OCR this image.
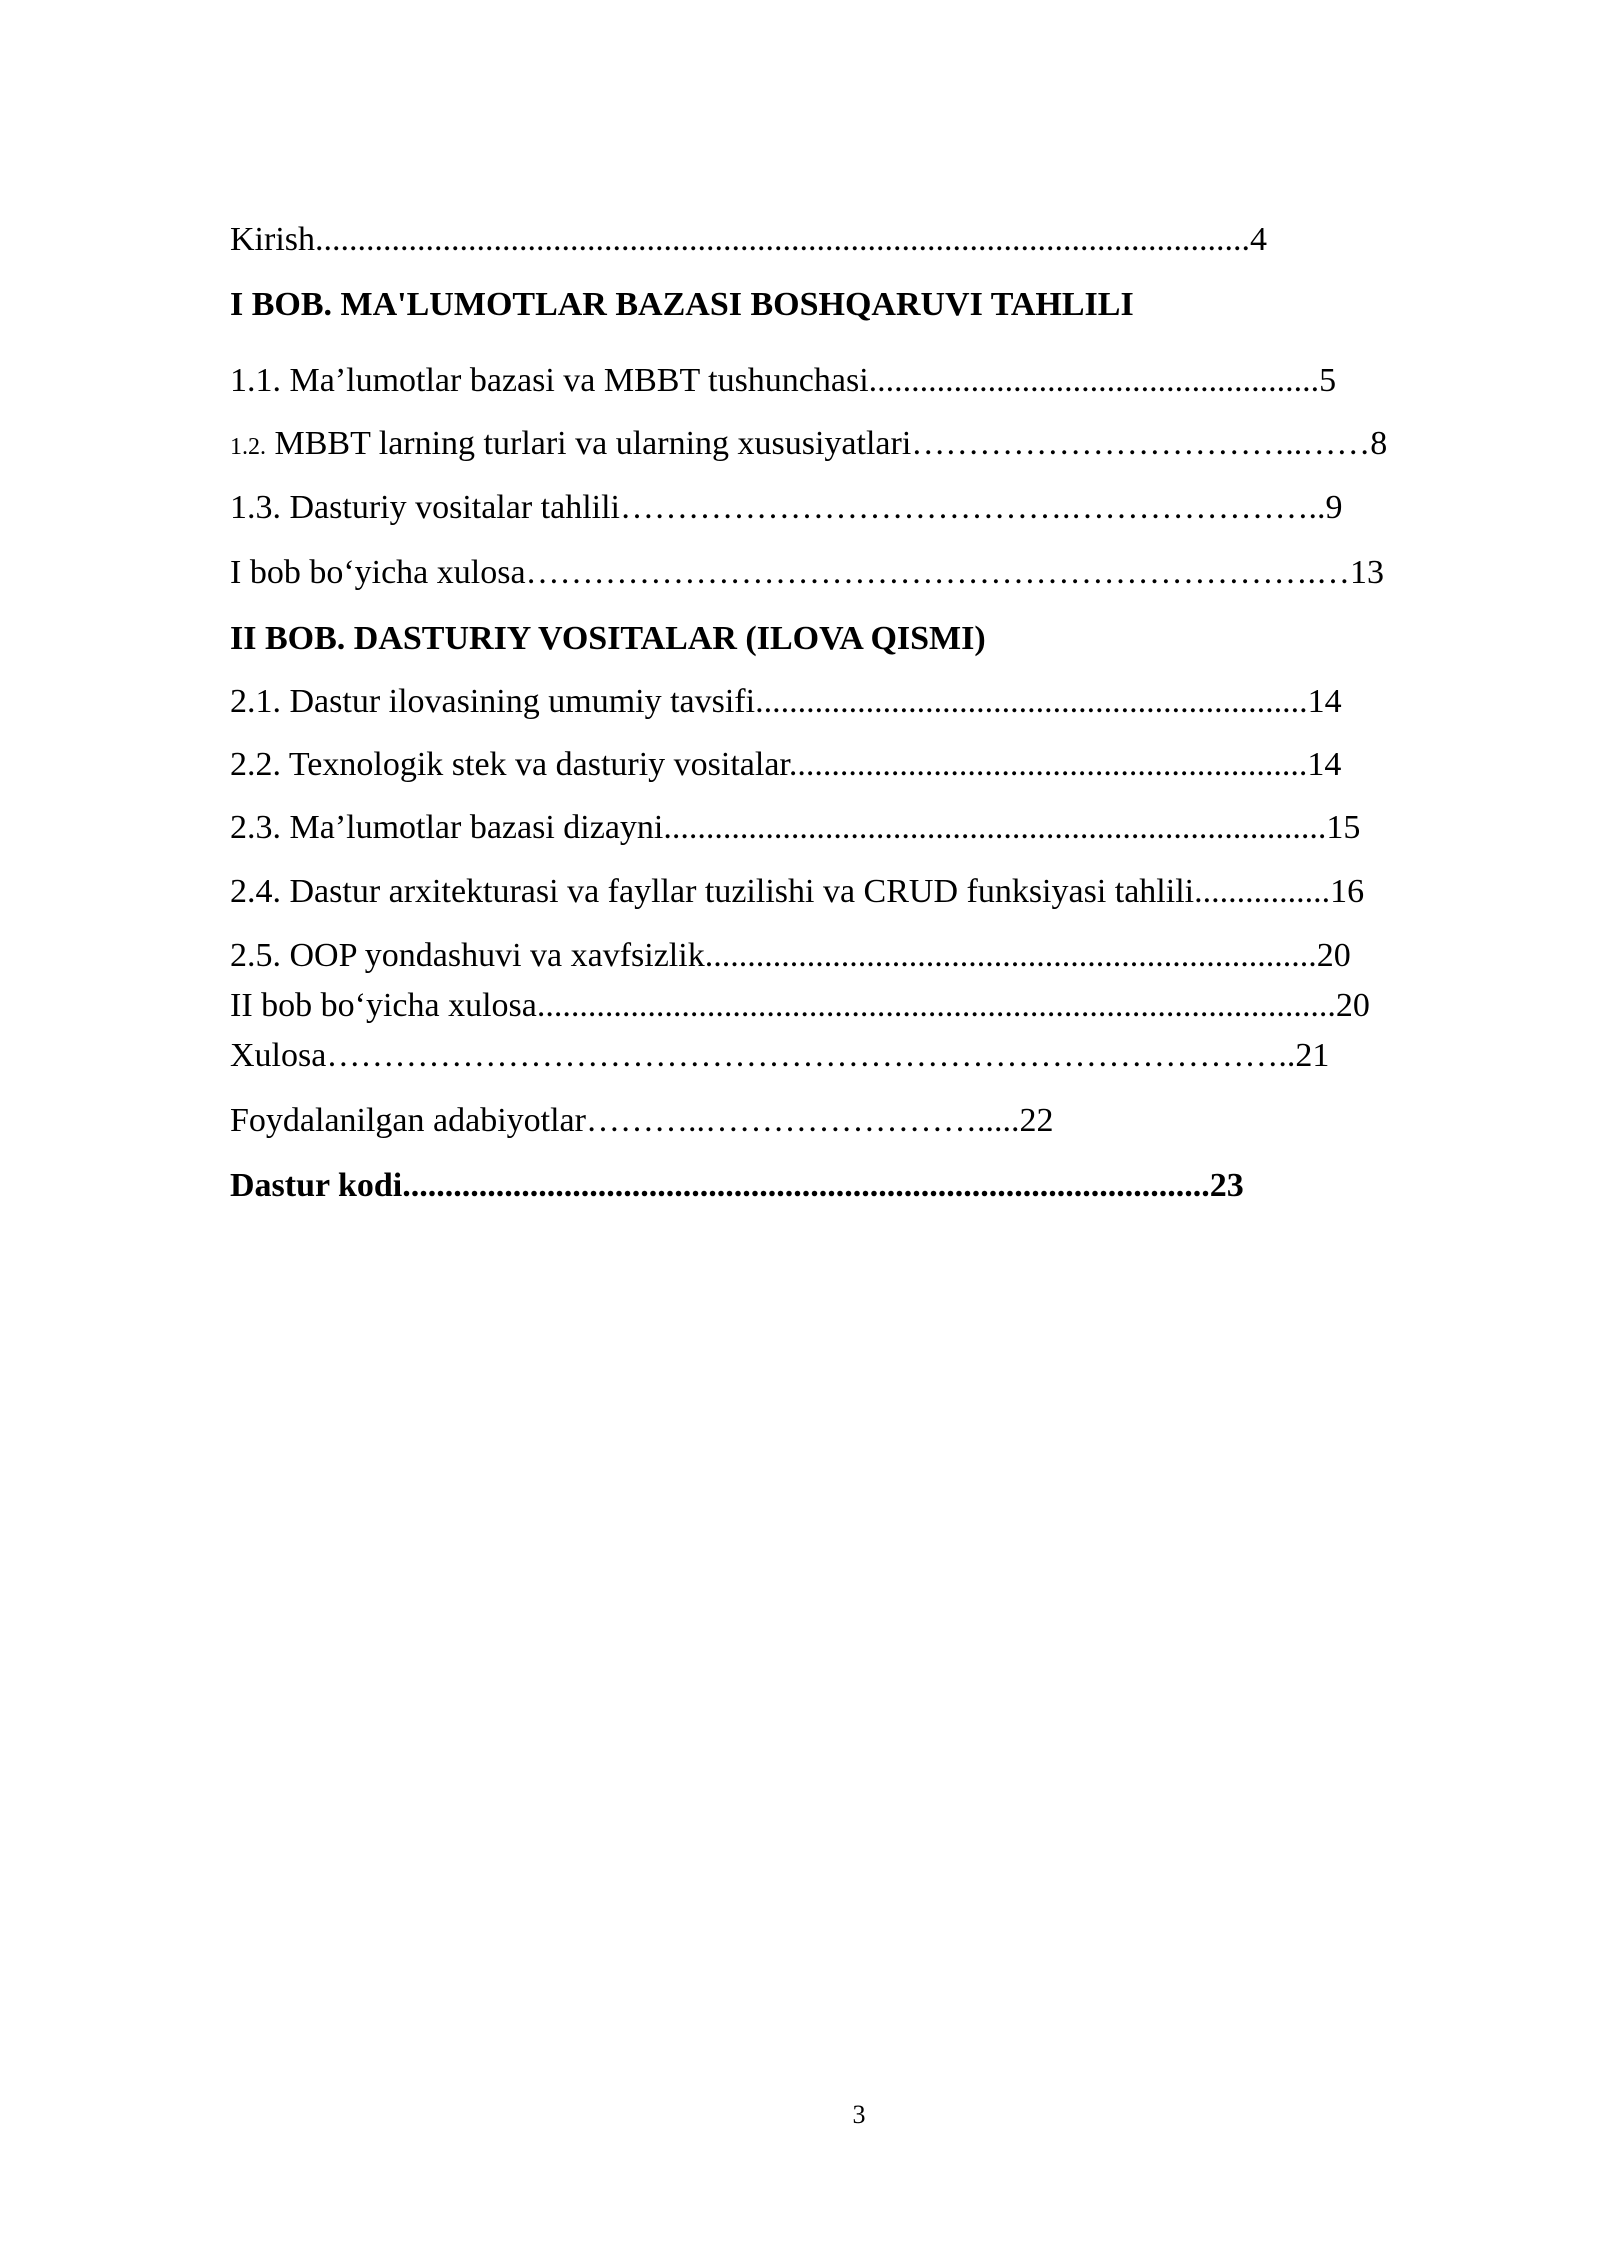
Kirish..............................................................................................................4
I BOB. MA'LUMOTLAR BAZASI BOSHQARUVI TAHLILI
1.1. Ma’lumotlar bazasi va MBBT tushunchasi.....................................................5
1.2. MBBT larning turlari va ularning xususiyatlari……………………………..……8
1.3. Dasturiy vositalar tahlili………………………………….…………………..9
I bob bo‘yicha xulosa…………………………………………………………….…13
II BOB. DASTURIY VOSITALAR (ILOVA QISMI)
2.1. Dastur ilovasining umumiy tavsifi.................................................................14
2.2. Texnologik stek va dasturiy vositalar.............................................................14
2.3. Ma’lumotlar bazasi dizayni..............................................................................15
2.4. Dastur arxitekturasi va fayllar tuzilishi va CRUD funksiyasi tahlili................16
2.5. OOP yondashuvi va xavfsizlik........................................................................20
II bob bo‘yicha xulosa..............................................................................................20
Xulosa…………………………………………………………………………..21
Foydalanilgan adabiyotlar………..…………………….....22
Dastur kodi...............................................................................................23
3
